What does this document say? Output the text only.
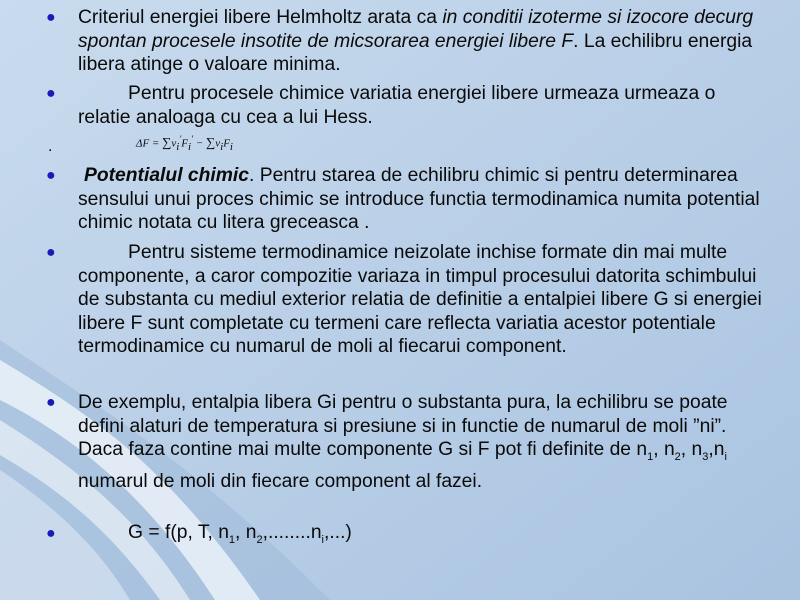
● Criteriul energiei libere Helmholtz arata ca in conditii izoterme si izocore decurg spontan procesele insotite de micsorarea energiei libere F. La echilibru energia libera atinge o valoare minima.
●	Pentru procesele chimice variatia energiei libere urmeaza urmeaza o relatie analoaga cu cea a lui Hess.
.	$\Delta F = \sum\nu_i'F_i' - \sum\nu_iF_i$
●	Potentialul chimic. Pentru starea de echilibru chimic si pentru determinarea sensului unui proces chimic se introduce functia termodinamica numita potential chimic notata cu litera greceasca .
●	Pentru sisteme termodinamice neizolate inchise formate din mai multe componente, a caror compozitie variaza in timpul procesului datorita schimbului de substanta cu mediul exterior relatia de definitie a entalpiei libere G si energiei libere F sunt completate cu termeni care reflecta variatia acestor potentiale termodinamice cu numarul de moli al fiecarui component.
● De exemplu, entalpia libera Gi pentru o substanta pura, la echilibru se poate defini alaturi de temperatura si presiune si in functie de numarul de moli ”ni”. Daca faza contine mai multe componente G si F pot fi definite de $n_1$, $n_2$, $n_3,n_i$ numarul de moli din fiecare component al fazei.
●	G = f(p, T, $n_1$, $n_2,........n_i$,...)
